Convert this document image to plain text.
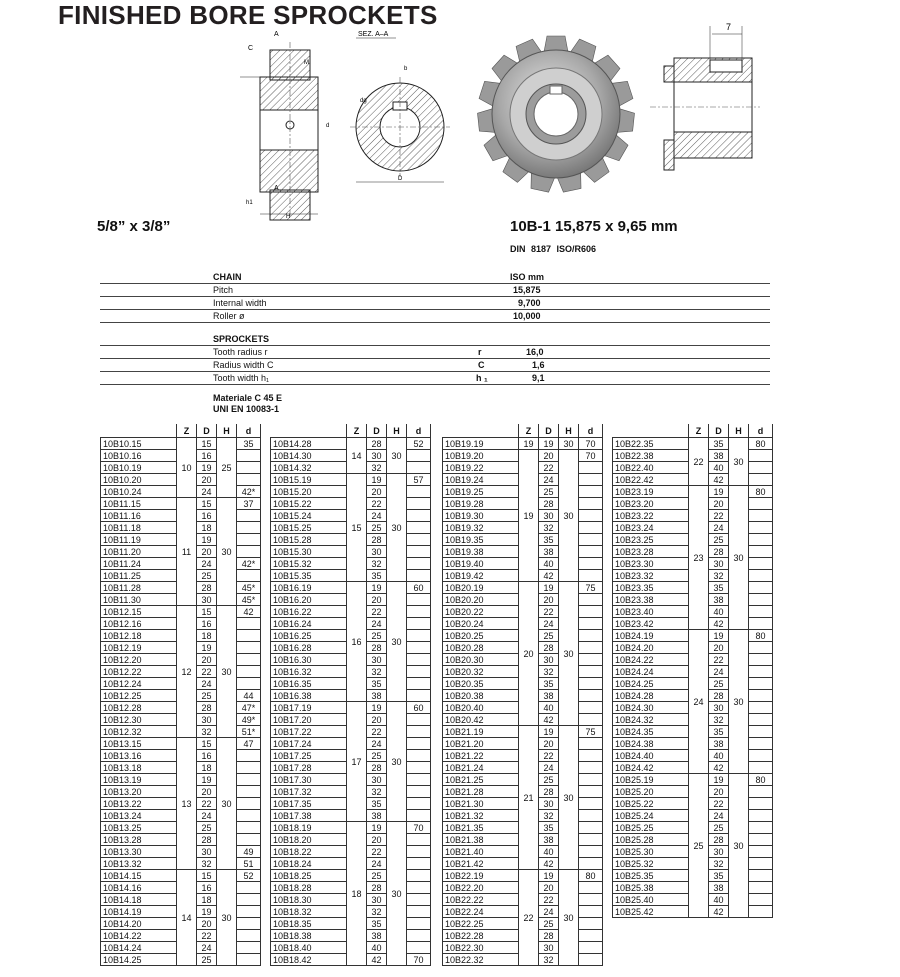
FINISHED BORE SPROCKETS
C
A
A
M
d
H
h1
SEZ. A–A
D
b
dg
7
5/8” x 3/8”	10B-1 15,875 x 9,65 mm
DIN 8187 ISO/R606
CHAIN	ISO mm
Pitch	15,875
Internal width	9,700
Roller ø	10,000
SPROCKETS
Tooth radius r	r	16,0
Radius width C	C	1,6
Tooth width h₁	h ₁	9,1
Materiale C 45 E
UNI EN 10083-1
	Z	D	H	d
10B10.15	10	15	25	35
10B10.16		16		
10B10.19		19		
10B10.20		20		
10B10.24		24		42*
10B11.15	11	15	30	37
10B11.16		16		
10B11.18		18		
10B11.19		19		
10B11.20		20		
10B11.24		24		42*
10B11.25		25		
10B11.28		28		45*
10B11.30		30		45*
10B12.15	12	15	30	42
10B12.16		16		
10B12.18		18		
10B12.19		19		
10B12.20		20		
10B12.22		22		
10B12.24		24		
10B12.25		25		44
10B12.28		28		47*
10B12.30		30		49*
10B12.32		32		51*
10B13.15	13	15	30	47
10B13.16		16		
10B13.18		18		
10B13.19		19		
10B13.20		20		
10B13.22		22		
10B13.24		24		
10B13.25		25		
10B13.28		28		
10B13.30		30		49
10B13.32		32		51
10B14.15	14	15	30	52
10B14.16		16		
10B14.18		18		
10B14.19		19		
10B14.20		20		
10B14.22		22		
10B14.24		24		
10B14.25		25		
	Z	D	H	d
10B14.28	14	28	30	52
10B14.30		30		
10B14.32		32		
10B15.19	15	19	30	57
10B15.20		20		
10B15.22		22		
10B15.24		24		
10B15.25		25		
10B15.28		28		
10B15.30		30		
10B15.32		32		
10B15.35		35		
10B16.19	16	19	30	60
10B16.20		20		
10B16.22		22		
10B16.24		24		
10B16.25		25		
10B16.28		28		
10B16.30		30		
10B16.32		32		
10B16.35		35		
10B16.38		38		
10B17.19	17	19	30	60
10B17.20		20		
10B17.22		22		
10B17.24		24		
10B17.25		25		
10B17.28		28		
10B17.30		30		
10B17.32		32		
10B17.35		35		
10B17.38		38		
10B18.19	18	19	30	70
10B18.20		20		
10B18.22		22		
10B18.24		24		
10B18.25		25		
10B18.28		28		
10B18.30		30		
10B18.32		32		
10B18.35		35		
10B18.38		38		
10B18.40		40		
10B18.42		42		70
	Z	D	H	d
10B19.19	19	19	30	70
10B19.20	19	20	30	70
10B19.22		22		
10B19.24		24		
10B19.25		25		
10B19.28		28		
10B19.30		30		
10B19.32		32		
10B19.35		35		
10B19.38		38		
10B19.40		40		
10B19.42		42		
10B20.19	20	19	30	75
10B20.20		20		
10B20.22		22		
10B20.24		24		
10B20.25		25		
10B20.28		28		
10B20.30		30		
10B20.32		32		
10B20.35		35		
10B20.38		38		
10B20.40		40		
10B20.42		42		
10B21.19	21	19	30	75
10B21.20		20		
10B21.22		22		
10B21.24		24		
10B21.25		25		
10B21.28		28		
10B21.30		30		
10B21.32		32		
10B21.35		35		
10B21.38		38		
10B21.40		40		
10B21.42		42		
10B22.19	22	19	30	80
10B22.20		20		
10B22.22		22		
10B22.24		24		
10B22.25		25		
10B22.28		28		
10B22.30		30		
10B22.32		32		
	Z	D	H	d
10B22.35	22	35	30	80
10B22.38		38		
10B22.40		40		
10B22.42		42		
10B23.19	23	19	30	80
10B23.20		20		
10B23.22		22		
10B23.24		24		
10B23.25		25		
10B23.28		28		
10B23.30		30		
10B23.32		32		
10B23.35		35		
10B23.38		38		
10B23.40		40		
10B23.42		42		
10B24.19	24	19	30	80
10B24.20		20		
10B24.22		22		
10B24.24		24		
10B24.25		25		
10B24.28		28		
10B24.30		30		
10B24.32		32		
10B24.35		35		
10B24.38		38		
10B24.40		40		
10B24.42		42		
10B25.19	25	19	30	80
10B25.20		20		
10B25.22		22		
10B25.24		24		
10B25.25		25		
10B25.28		28		
10B25.30		30		
10B25.32		32		
10B25.35		35		
10B25.38		38		
10B25.40		40		
10B25.42		42		
